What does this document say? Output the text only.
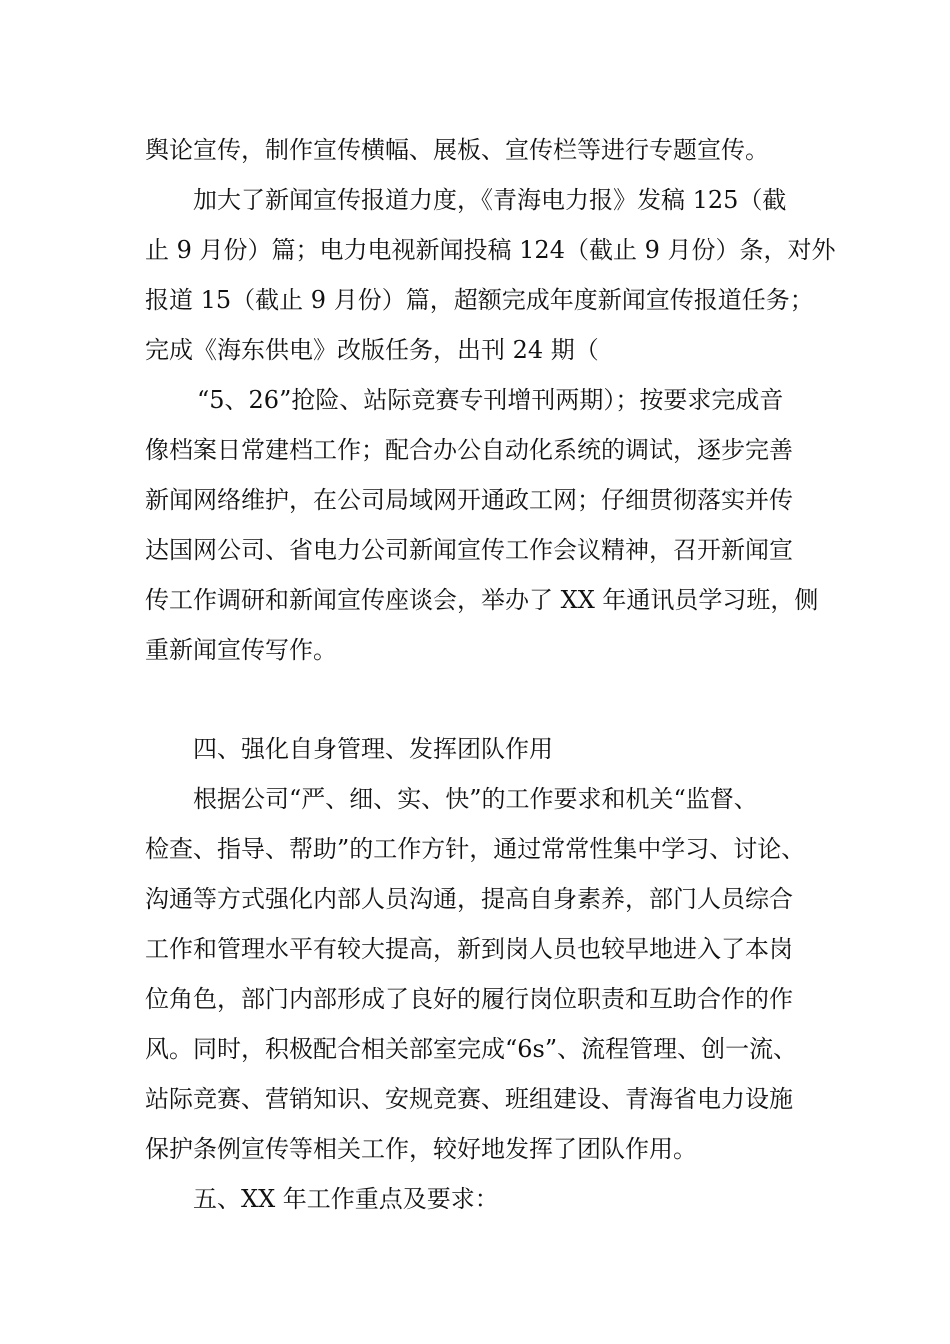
舆论宣传，制作宣传横幅、展板、宣传栏等进行专题宣传。
加大了新闻宣传报道力度，《青海电力报》发稿 125（截
止 9 月份）篇；电力电视新闻投稿 124（截止 9 月份）条，对外
报道 15（截止 9 月份）篇，超额完成年度新闻宣传报道任务；
完成《海东供电》改版任务，出刊 24 期（
“5、26”抢险、站际竞赛专刊增刊两期）；按要求完成音
像档案日常建档工作；配合办公自动化系统的调试，逐步完善
新闻网络维护，在公司局域网开通政工网；仔细贯彻落实并传
达国网公司、省电力公司新闻宣传工作会议精神，召开新闻宣
传工作调研和新闻宣传座谈会，举办了 XX 年通讯员学习班，侧
重新闻宣传写作。
四、强化自身管理、发挥团队作用
根据公司“严、细、实、快”的工作要求和机关“监督、
检查、指导、帮助”的工作方针，通过常常性集中学习、讨论、
沟通等方式强化内部人员沟通，提高自身素养，部门人员综合
工作和管理水平有较大提高，新到岗人员也较早地进入了本岗
位角色，部门内部形成了良好的履行岗位职责和互助合作的作
风。同时，积极配合相关部室完成“6s”、流程管理、创一流、
站际竞赛、营销知识、安规竞赛、班组建设、青海省电力设施
保护条例宣传等相关工作，较好地发挥了团队作用。
五、XX 年工作重点及要求：
